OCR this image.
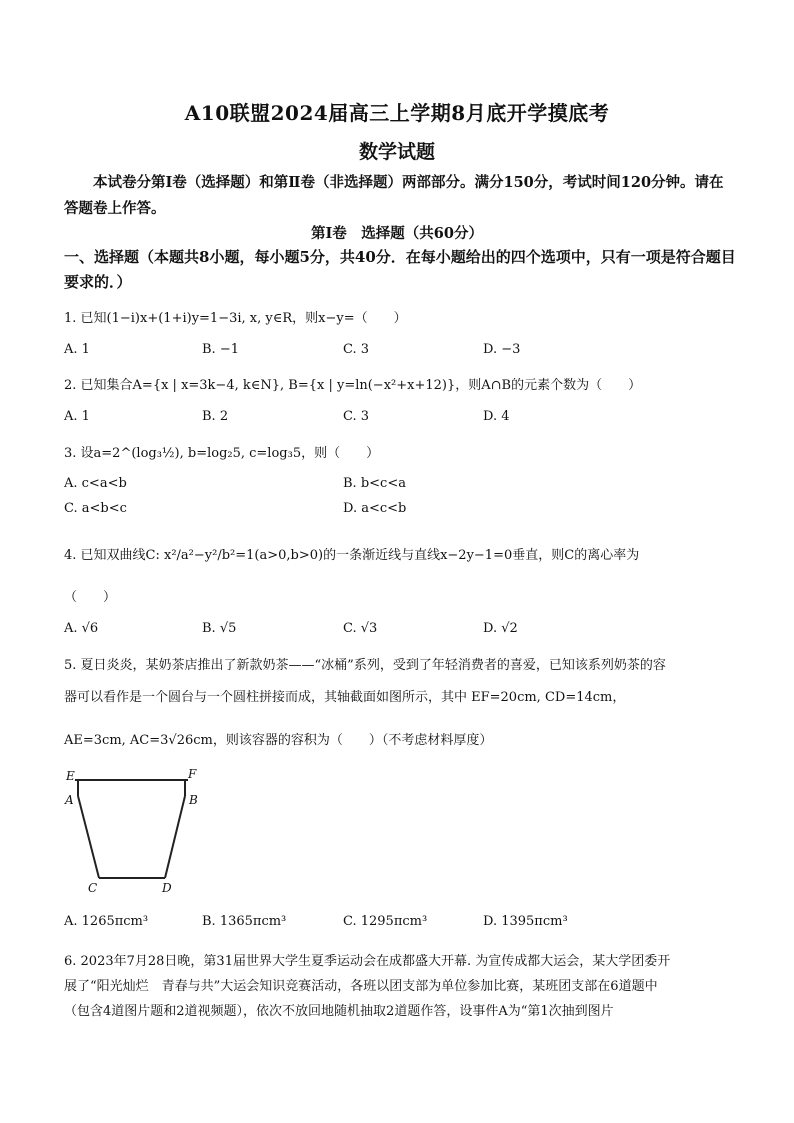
A10联盟2024届高三上学期8月底开学摸底考
数学试题
本试卷分第Ⅰ卷（选择题）和第Ⅱ卷（非选择题）两部部分。满分150分，考试时间120分钟。请在答题卷上作答。
第Ⅰ卷　选择题（共60分）
一、选择题（本题共8小题，每小题5分，共40分．在每小题给出的四个选项中，只有一项是符合题目要求的．）
1. 已知(1−i)x+(1+i)y=1−3i, x, y∈R，则x−y=（　　）
A. 1	B. −1	C. 3	D. −3
2. 已知集合A={x | x=3k−4, k∈N}, B={x | y=ln(−x²+x+12)}，则A∩B的元素个数为（　　）
A. 1	B. 2	C. 3	D. 4
3. 设a=2^(log₃½), b=log₂5, c=log₃5，则（　　）
A. c<a<b	B. b<c<a
C. a<b<c	D. a<c<b
4. 已知双曲线C: x²/a²−y²/b²=1(a>0,b>0)的一条渐近线与直线x−2y−1=0垂直，则C的离心率为
（　　）
A. √6	B. √5	C. √3	D. √2
5. 夏日炎炎，某奶茶店推出了新款奶茶——“冰桶”系列，受到了年轻消费者的喜爱，已知该系列奶茶的容
器可以看作是一个圆台与一个圆柱拼接而成，其轴截面如图所示，其中 EF=20cm, CD=14cm，
AE=3cm, AC=3√26cm，则该容器的容积为（　　）（不考虑材料厚度）
E	F
A	B
C	D
A. 1265πcm³	B. 1365πcm³	C. 1295πcm³	D. 1395πcm³
6. 2023年7月28日晚，第31届世界大学生夏季运动会在成都盛大开幕. 为宣传成都大运会，某大学团委开
展了“阳光灿烂　青春与共”大运会知识竞赛活动，各班以团支部为单位参加比赛，某班团支部在6道题中
（包含4道图片题和2道视频题），依次不放回地随机抽取2道题作答，设事件A为“第1次抽到图片
